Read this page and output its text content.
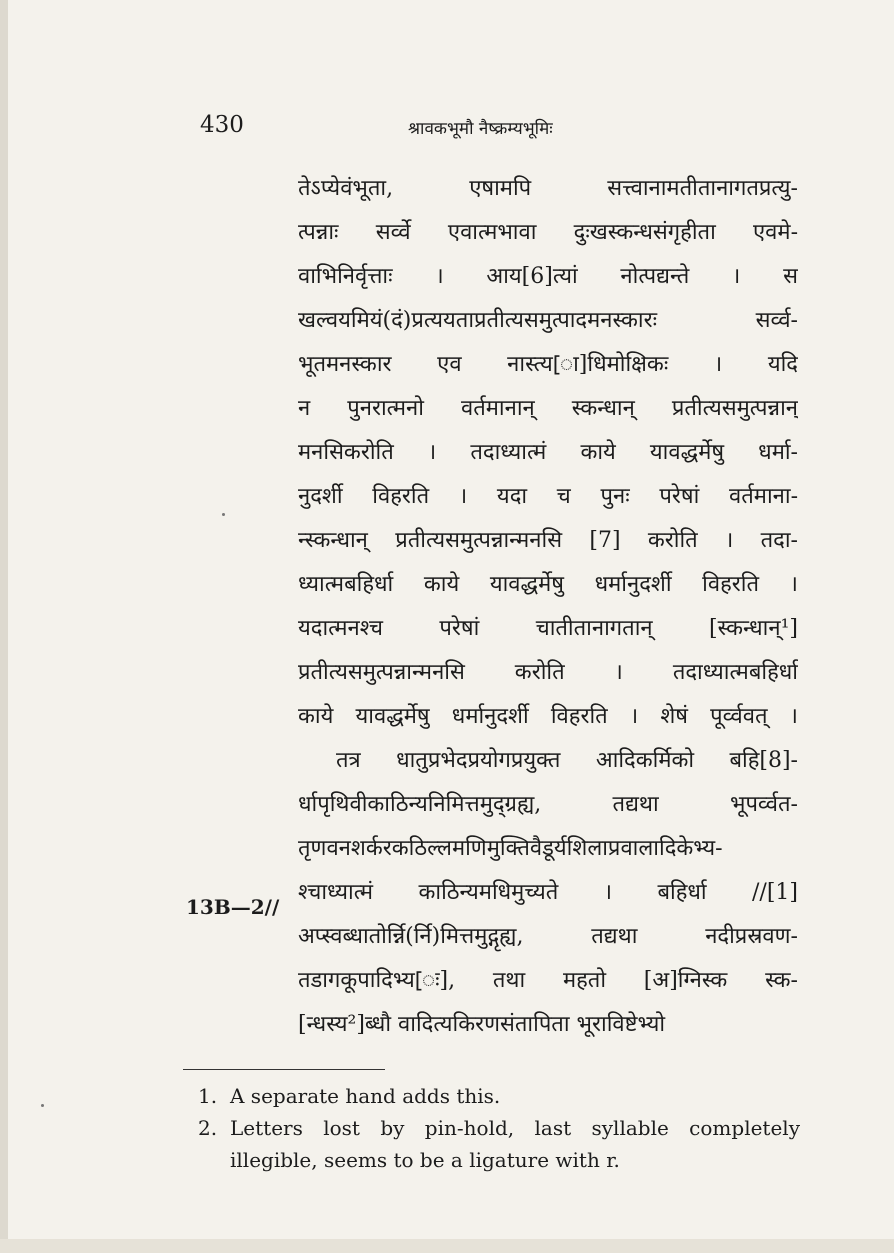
430	श्रावकभूमौ नैष्क्रम्यभूमिः
तेऽप्येवंभूता, एषामपि सत्त्वानामतीतानागतप्रत्यु-
त्पन्नाः सर्व्वे एवात्मभावा दुःखस्कन्धसंगृहीता एवमे-
वाभिनिर्वृत्ताः । आय[6]त्यां नोत्पद्यन्ते । स
खल्वयमियं(दं)प्रत्ययताप्रतीत्यसमुत्पादमनस्कारः सर्व्व-
भूतमनस्कार एव नास्त्य[ा]धिमोक्षिकः । यदि
न पुनरात्मनो वर्तमानान् स्कन्धान् प्रतीत्यसमुत्पन्नान्
मनसिकरोति । तदाध्यात्मं काये यावद्धर्मेषु धर्मा-
नुदर्शी विहरति । यदा च पुनः परेषां वर्तमाना-
न्स्कन्धान् प्रतीत्यसमुत्पन्नान्मनसि [7] करोति । तदा-
ध्यात्मबहिर्धा काये यावद्धर्मेषु धर्मानुदर्शी विहरति ।
यदात्मनश्च परेषां चातीतानागतान् [स्कन्धान्¹]
प्रतीत्यसमुत्पन्नान्मनसि करोति । तदाध्यात्मबहिर्धा
काये यावद्धर्मेषु धर्मानुदर्शी विहरति । शेषं पूर्व्ववत् ।
तत्र धातुप्रभेदप्रयोगप्रयुक्त आदिकर्मिको बहि[8]-
र्धापृथिवीकाठिन्यनिमित्तमुद्ग्रह्य, तद्यथा भूपर्व्वत-
तृणवनशर्करकठिल्लमणिमुक्तिवैडूर्यशिलाप्रवालादिकेभ्य-
श्चाध्यात्मं काठिन्यमधिमुच्यते । बहिर्धा //[1]
अप्स्वब्धातोर्न्नि(र्नि)मित्तमुद्गृह्य, तद्यथा नदीप्रस्रवण-
तडागकूपादिभ्य[ः], तथा महतो [अ]ग्निस्क स्क-
[न्धस्य²]ब्धौ वादित्यकिरणसंतापिता भूराविष्टेभ्यो
13B—2//
1. A separate hand adds this.
2. Letters lost by pin-hold, last syllable completely illegible, seems to be a ligature with r.
